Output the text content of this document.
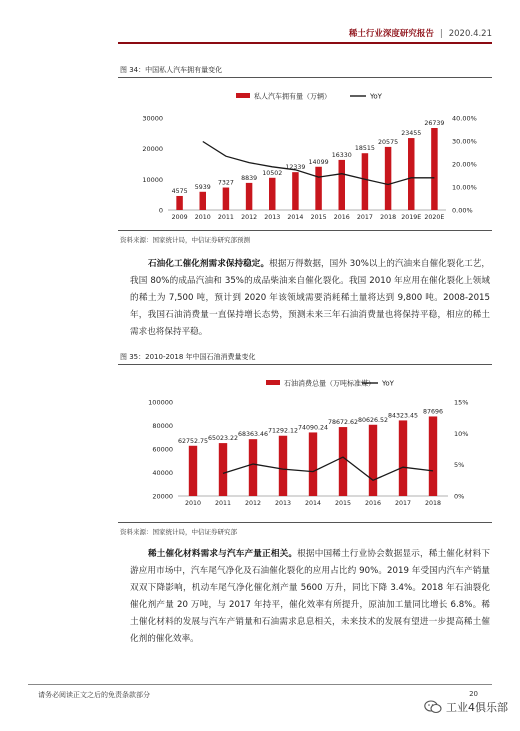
稀土行业深度研究报告 | 2020.4.21
图 34：中国私人汽车拥有量变化
私人汽车拥有量（万辆）	YoY
0
10000
20000
30000
0.00%
10.00%
20.00%
30.00%
40.00%
4575
2009
5939
2010
7327
2011
8839
2012
10502
2013
12339
2014
14099
2015
16330
2016
18515
2017
20575
2018
23455
2019E
26739
2020E
资料来源：国家统计局，中信证券研究部预测
石油化工催化剂需求保持稳定。根据万得数据，国外 30%以上的汽油来自催化裂化工艺，我国 80%的成品汽油和 35%的成品柴油来自催化裂化。我国 2010 年应用在催化裂化上领域的稀土为 7,500 吨，预计到 2020 年该领域需要消耗稀土量将达到 9,800 吨。2008-2015 年，我国石油消费量一直保持增长态势，预测未来三年石油消费量也将保持平稳，相应的稀土需求也将保持平稳。
图 35：2010-2018 年中国石油消费量变化
石油消费总量（万吨标准煤） YoY
20000
40000
60000
80000
100000
0%
5%
10%
15%
62752.75
2010
65023.22
2011
68363.46
2012
71292.12
2013
74090.24
2014
78672.62
2015
80626.52
2016
84323.45
2017
87696
2018
资料来源：国家统计局，中信证券研究部
稀土催化材料需求与汽车产量正相关。根据中国稀土行业协会数据显示，稀土催化材料下游应用市场中，汽车尾气净化及石油催化裂化的应用占比约 90%。2019 年受国内汽车产销量双双下降影响，机动车尾气净化催化剂产量 5600 万升，同比下降 3.4%。2018 年石油裂化催化剂产量 20 万吨，与 2017 年持平，催化效率有所提升，原油加工量同比增长 6.8%。稀土催化材料的发展与汽车产销量和石油需求息息相关，未来技术的发展有望进一步提高稀土催化剂的催化效率。
请务必阅读正文之后的免责条款部分	20
工业4俱乐部
